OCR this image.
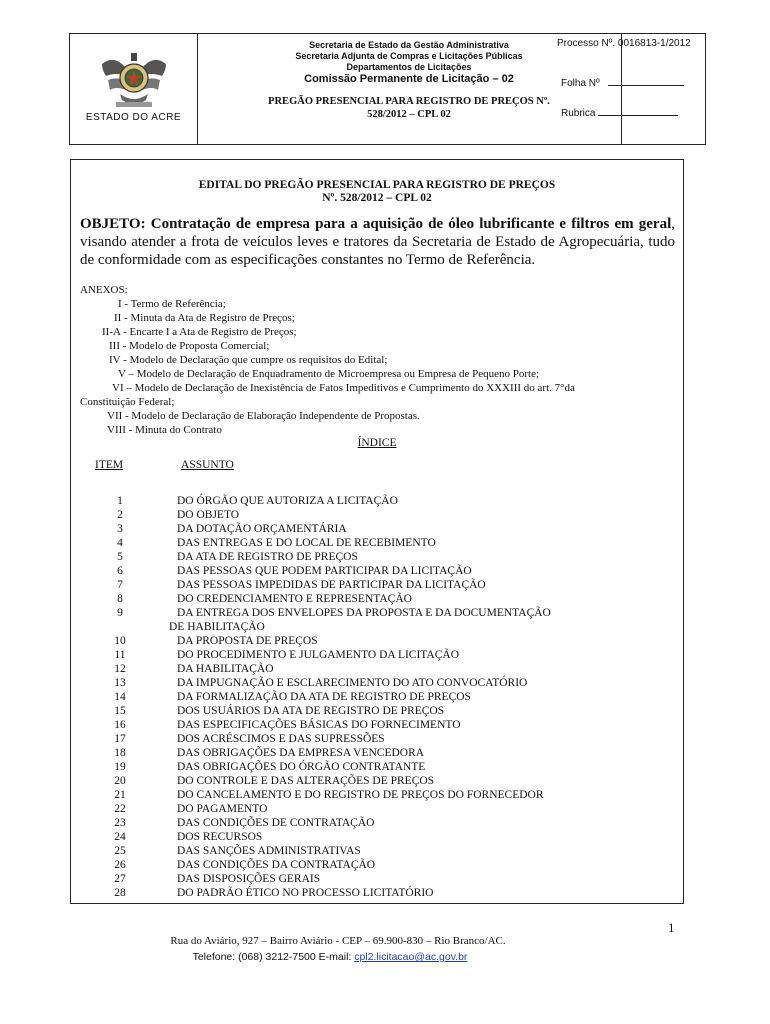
ESTADO DO ACRE
Secretaria de Estado da Gestão Administrativa
Secretaria Adjunta de Compras e Licitações Públicas
Departamentos de Licitações
Comissão Permanente de Licitação – 02
PREGÃO PRESENCIAL PARA REGISTRO DE PREÇOS Nº.
528/2012 – CPL 02
Processo Nº. 0016813-1/2012
Folha Nº
Rubrica
EDITAL DO PREGÃO PRESENCIAL PARA REGISTRO DE PREÇOS
Nº. 528/2012 – CPL 02
OBJETO: Contratação de empresa para a aquisição de óleo lubrificante e filtros em geral, visando atender a frota de veículos leves e tratores da Secretaria de Estado de Agropecuária, tudo de conformidade com as especificações constantes no Termo de Referência.
ANEXOS:
I - Termo de Referência;
II - Minuta da Ata de Registro de Preços;
II-A - Encarte I a Ata de Registro de Preços;
III - Modelo de Proposta Comercial;
IV - Modelo de Declaração que cumpre os requisitos do Edital;
V – Modelo de Declaração de Enquadramento de Microempresa ou Empresa de Pequeno Porte;
VI – Modelo de Declaração de Inexistência de Fatos Impeditivos e Cumprimento do XXXIII do art. 7°da
Constituição Federal;
VII - Modelo de Declaração de Elaboração Independente de Propostas.
VIII - Minuta do Contrato
ÍNDICE
ITEM	ASSUNTO
1	DO ÓRGÃO QUE AUTORIZA A LICITAÇÃO
2	DO OBJETO
3	DA DOTAÇÃO ORÇAMENTÁRIA
4	DAS ENTREGAS E DO LOCAL DE RECEBIMENTO
5	DA ATA DE REGISTRO DE PREÇOS
6	DAS PESSOAS QUE PODEM PARTICIPAR DA LICITAÇÃO
7	DAS PESSOAS IMPEDIDAS DE PARTICIPAR DA LICITAÇÃO
8	DO CREDENCIAMENTO E REPRESENTAÇÃO
9	DA ENTREGA DOS ENVELOPES DA PROPOSTA E DA DOCUMENTAÇÃO
DE HABILITAÇÃO
10	DA PROPOSTA DE PREÇOS
11	DO PROCEDIMENTO E JULGAMENTO DA LICITAÇÃO
12	DA HABILITAÇÃO
13	DA IMPUGNAÇÃO E ESCLARECIMENTO DO ATO CONVOCATÓRIO
14	DA FORMALIZAÇÃO DA ATA DE REGISTRO DE PREÇOS
15	DOS USUÁRIOS DA ATA DE REGISTRO DE PREÇOS
16	DAS ESPECIFICAÇÕES BÁSICAS DO FORNECIMENTO
17	DOS ACRÉSCIMOS E DAS SUPRESSÕES
18	DAS OBRIGAÇÕES DA EMPRESA VENCEDORA
19	DAS OBRIGAÇÕES DO ÓRGÃO CONTRATANTE
20	DO CONTROLE E DAS ALTERAÇÕES DE PREÇOS
21	DO CANCELAMENTO E DO REGISTRO DE PREÇOS DO FORNECEDOR
22	DO PAGAMENTO
23	DAS CONDIÇÕES DE CONTRATAÇÃO
24	DOS RECURSOS
25	DAS SANÇÕES ADMINISTRATIVAS
26	DAS CONDIÇÕES DA CONTRATAÇÃO
27	DAS DISPOSIÇÕES GERAIS
28	DO PADRÃO ÉTICO NO PROCESSO LICITATÓRIO
1
Rua do Aviário, 927 – Bairro Aviário - CEP – 69.900-830 – Rio Branco/AC.
Telefone: (068) 3212-7500 E-mail: cpl2.licitacao@ac.gov.br
